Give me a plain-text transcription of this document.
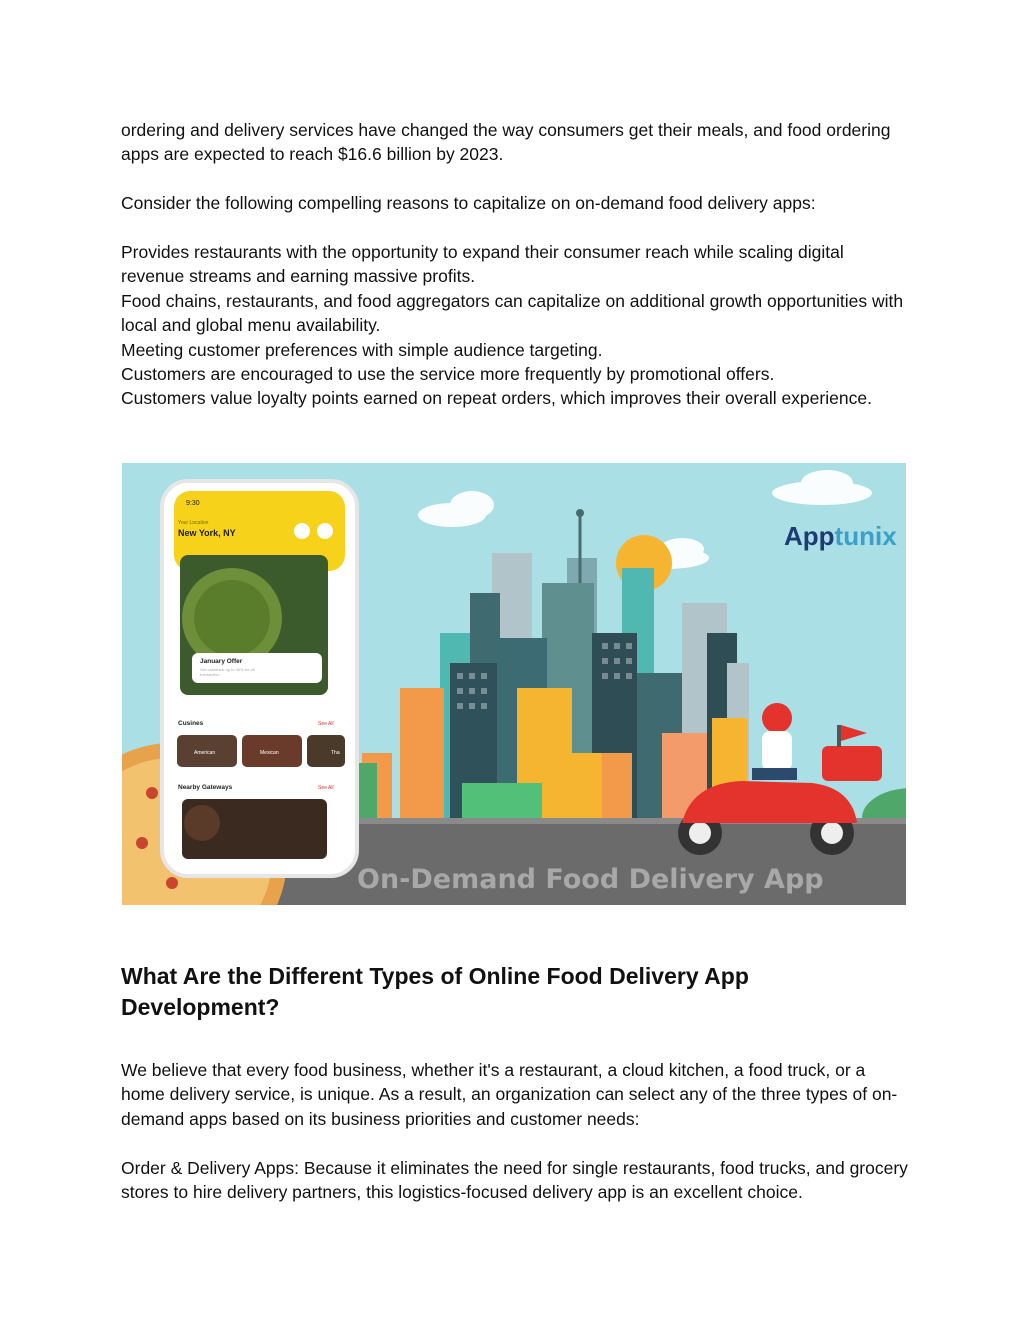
ordering and delivery services have changed the way consumers get their meals, and food ordering apps are expected to reach $16.6 billion by 2023.

Consider the following compelling reasons to capitalize on on-demand food delivery apps:

Provides restaurants with the opportunity to expand their consumer reach while scaling digital revenue streams and earning massive profits.

Food chains, restaurants, and food aggregators can capitalize on additional growth opportunities with local and global menu availability.

Meeting customer preferences with simple audience targeting.

Customers are encouraged to use the service more frequently by promotional offers.

Customers value loyalty points earned on repeat orders, which improves their overall experience.

Apptunix
9:30
Your Location
New York, NY
January Offer
Get cashback up to 40% for all
transaction
Cusines	See All
American	Mexican	Tha
Nearby Gateways	See All
On-Demand Food Delivery App
What Are the Different Types of Online Food Delivery App Development?

We believe that every food business, whether it's a restaurant, a cloud kitchen, a food truck, or a home delivery service, is unique. As a result, an organization can select any of the three types of on-demand apps based on its business priorities and customer needs:

Order & Delivery Apps: Because it eliminates the need for single restaurants, food trucks, and grocery stores to hire delivery partners, this logistics-focused delivery app is an excellent choice.
